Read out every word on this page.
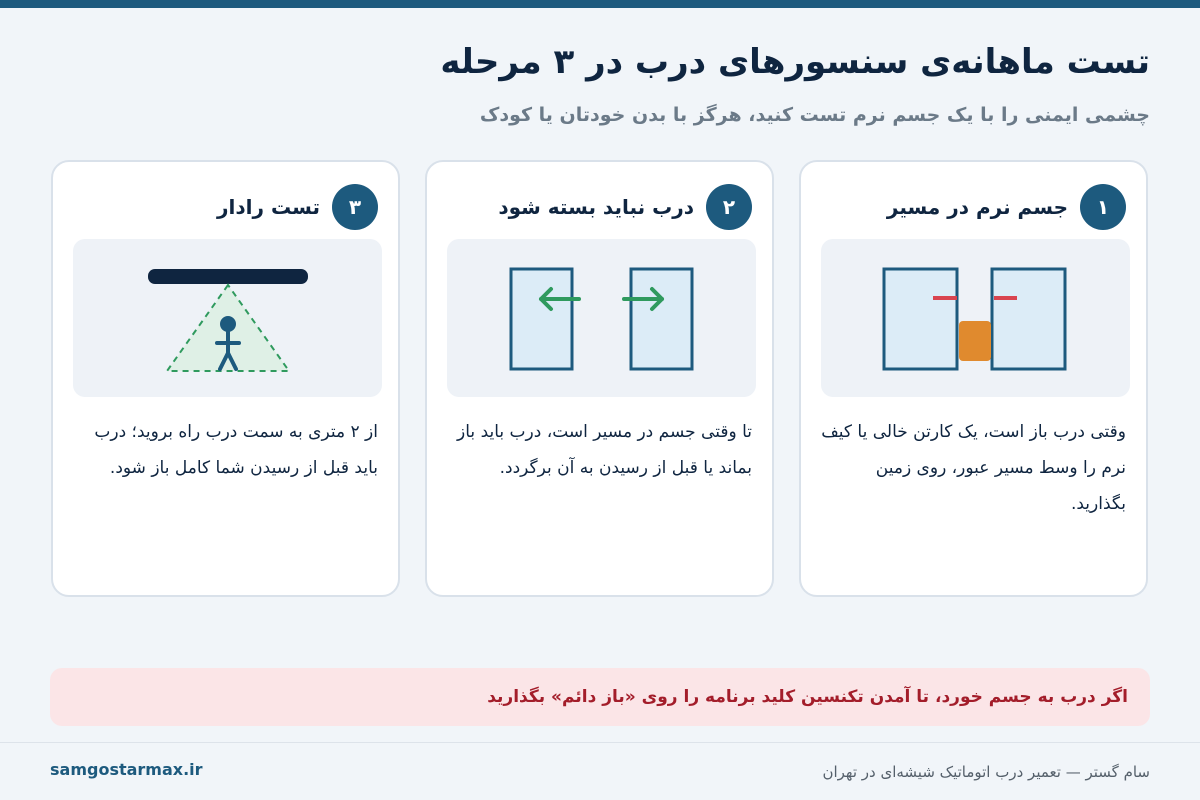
تست ماهانه‌ی سنسورهای درب در ۳ مرحله
چشمی ایمنی را با یک جسم نرم تست کنید، هرگز با بدن خودتان یا کودک
۱
جسم نرم در مسیر
وقتی درب باز است، یک کارتن خالی یا کیف نرم را وسط مسیر عبور، روی زمین بگذارید.
۲
درب نباید بسته شود
تا وقتی جسم در مسیر است، درب باید باز بماند یا قبل از رسیدن به آن برگردد.
۳
تست رادار
از ۲ متری به سمت درب راه بروید؛ درب باید قبل از رسیدن شما کامل باز شود.
اگر درب به جسم خورد، تا آمدن تکنسین کلید برنامه را روی «باز دائم» بگذارید
سام گستر — تعمیر درب اتوماتیک شیشه‌ای در تهران
samgostarmax.ir
